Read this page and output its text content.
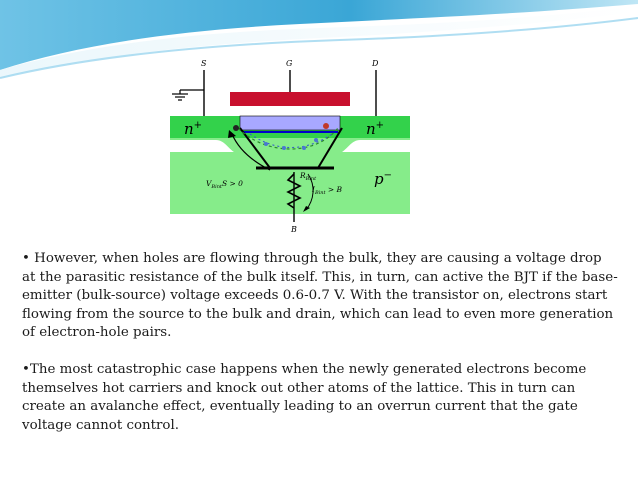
S	G	D
B
n+	n+
p−
$V_{Bint}S > 0$
$R_{Bint}$
$I_{Bint} > B$

• However, when holes are flowing through the bulk, they are causing a voltage drop at the parasitic resistance of the bulk itself. This, in turn, can active the BJT if the base-emitter (bulk-source) voltage exceeds 0.6-0.7 V. With the transistor on, electrons start flowing from the source to the bulk and drain, which can lead to even more generation of electron-hole pairs.

•The most catastrophic case happens when the newly generated electrons become themselves hot carriers and knock out other atoms of the lattice. This in turn can create an avalanche effect, eventually leading to an overrun current that the gate voltage cannot control.
